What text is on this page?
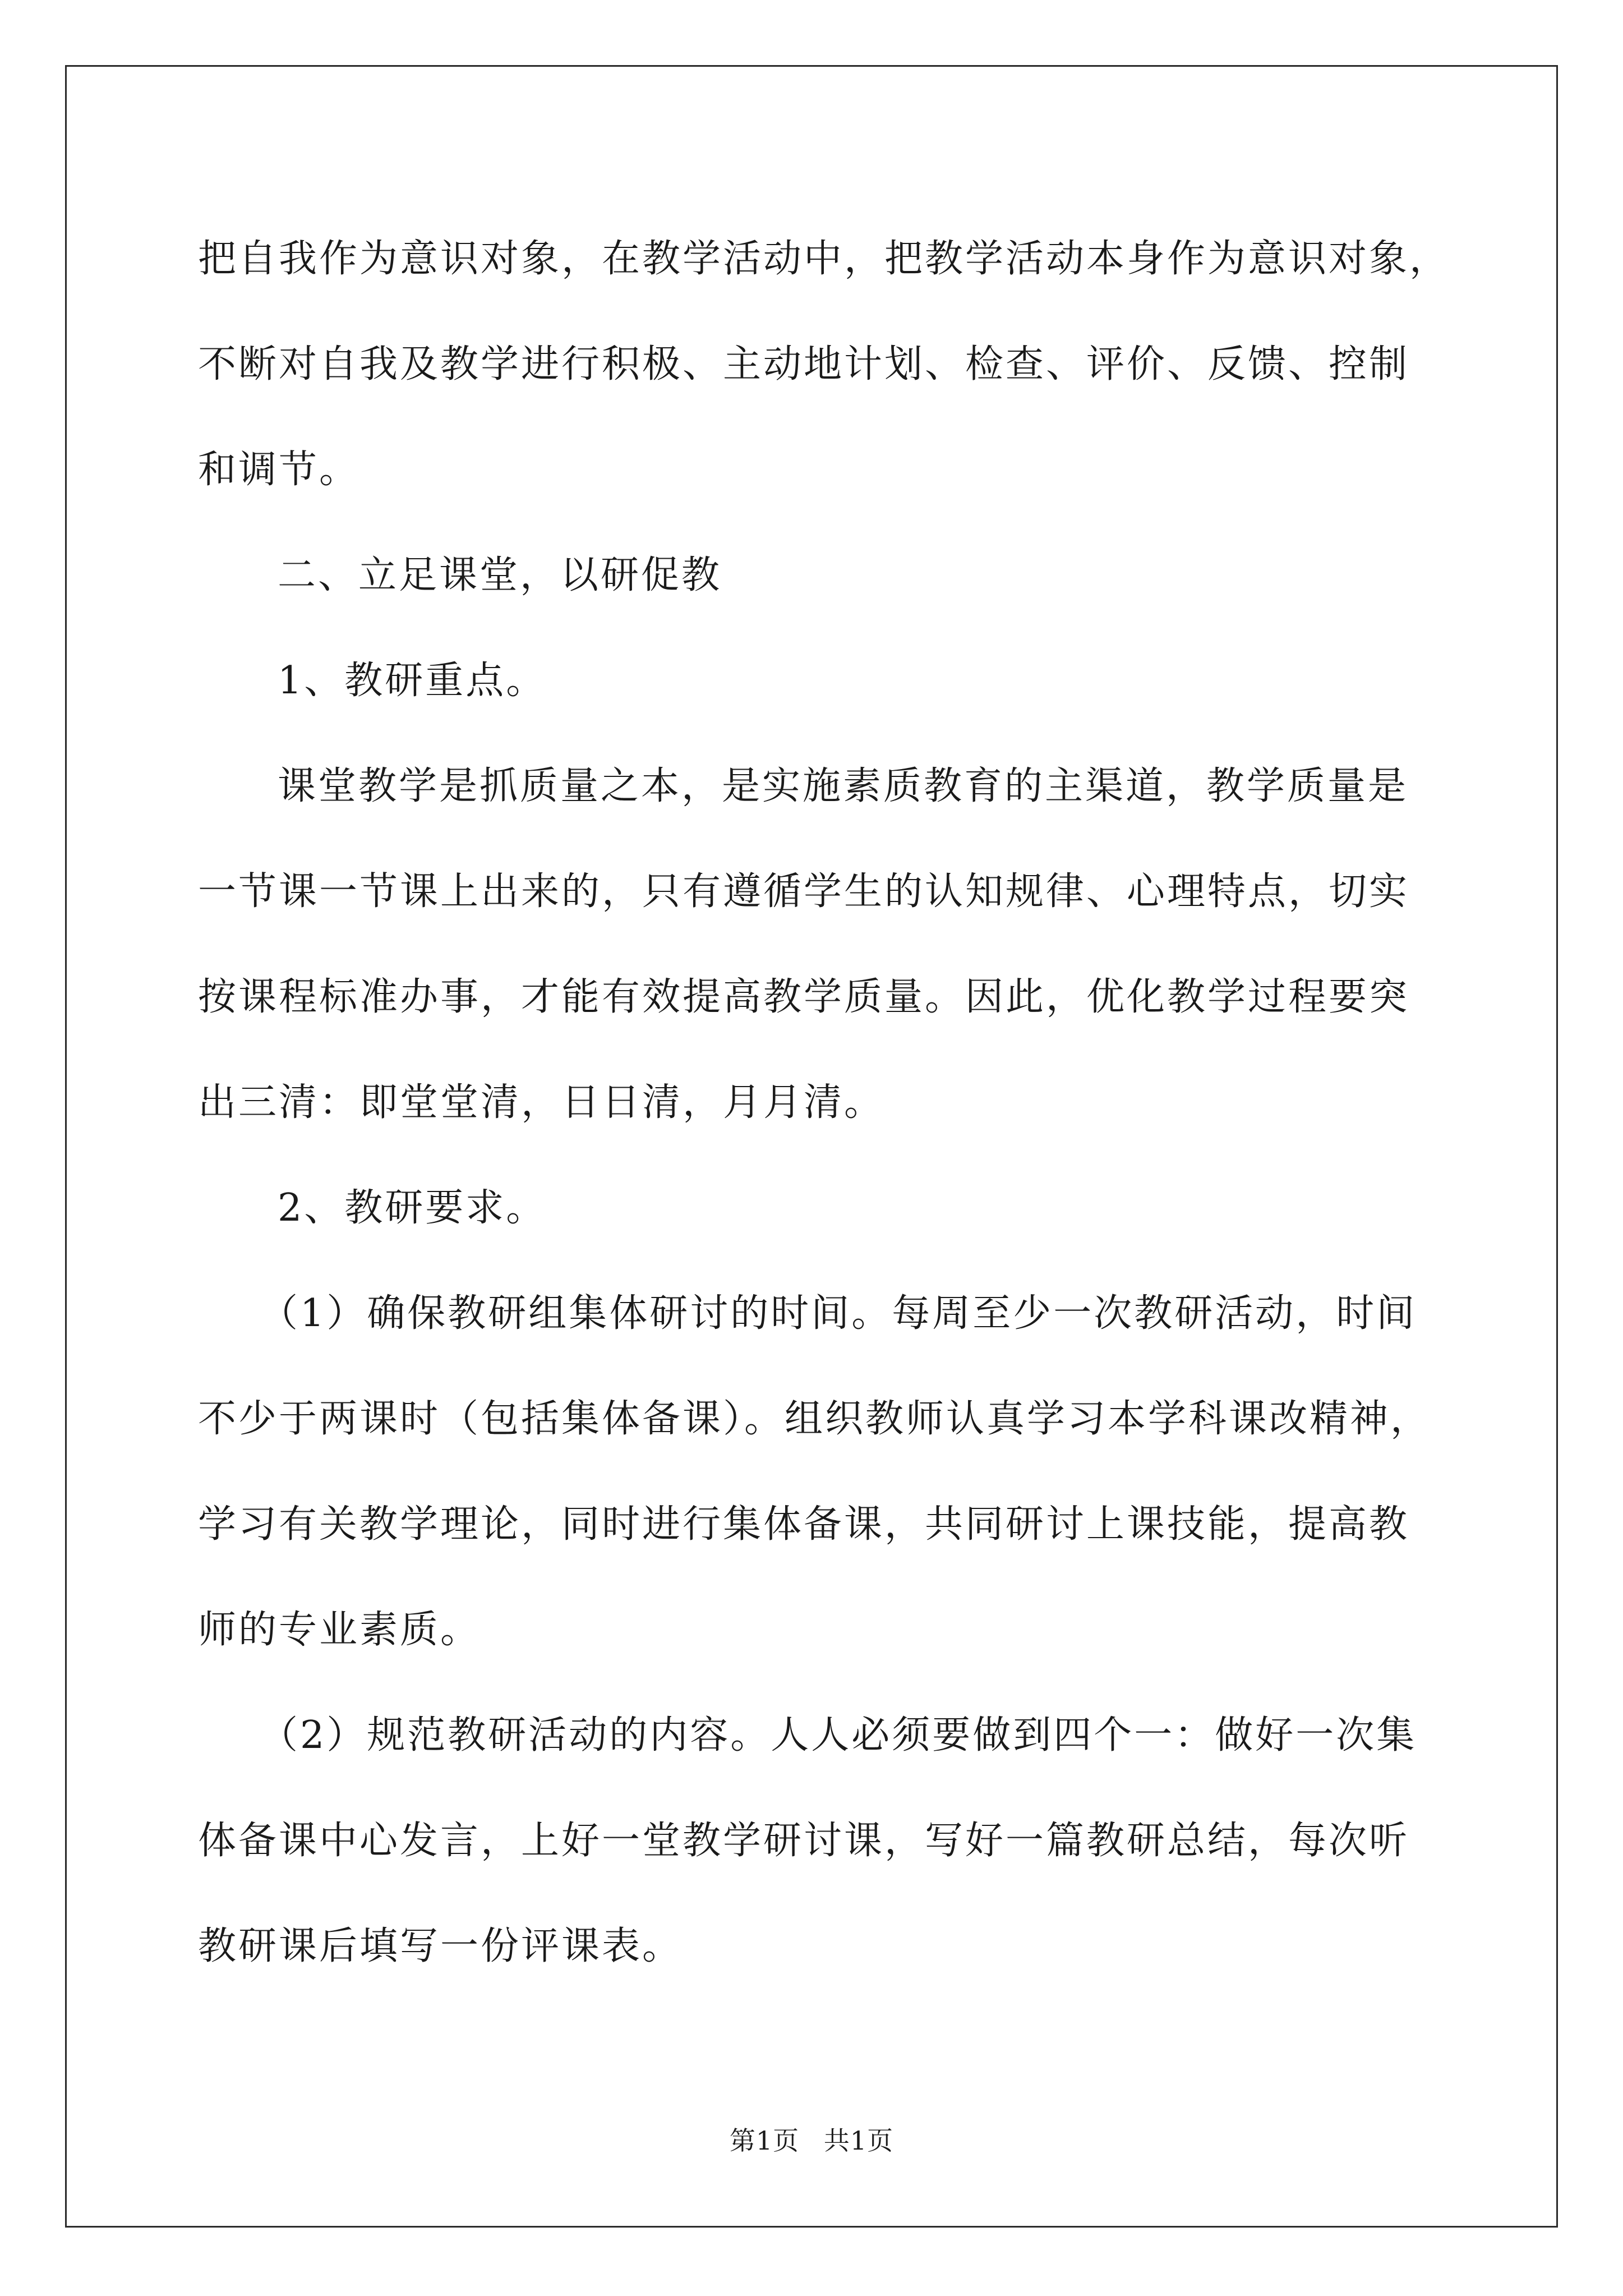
把自我作为意识对象，在教学活动中，把教学活动本身作为意识对象，

不断对自我及教学进行积极、主动地计划、检查、评价、反馈、控制

和调节。

二、立足课堂，以研促教

1、教研重点。

课堂教学是抓质量之本，是实施素质教育的主渠道，教学质量是

一节课一节课上出来的，只有遵循学生的认知规律、心理特点，切实

按课程标准办事，才能有效提高教学质量。因此，优化教学过程要突

出三清：即堂堂清，日日清，月月清。

2、教研要求。

（1）确保教研组集体研讨的时间。每周至少一次教研活动，时间

不少于两课时（包括集体备课）。组织教师认真学习本学科课改精神，

学习有关教学理论，同时进行集体备课，共同研讨上课技能，提高教

师的专业素质。

（2）规范教研活动的内容。人人必须要做到四个一：做好一次集

体备课中心发言，上好一堂教学研讨课，写好一篇教研总结，每次听

教研课后填写一份评课表。

第1页 共1页
